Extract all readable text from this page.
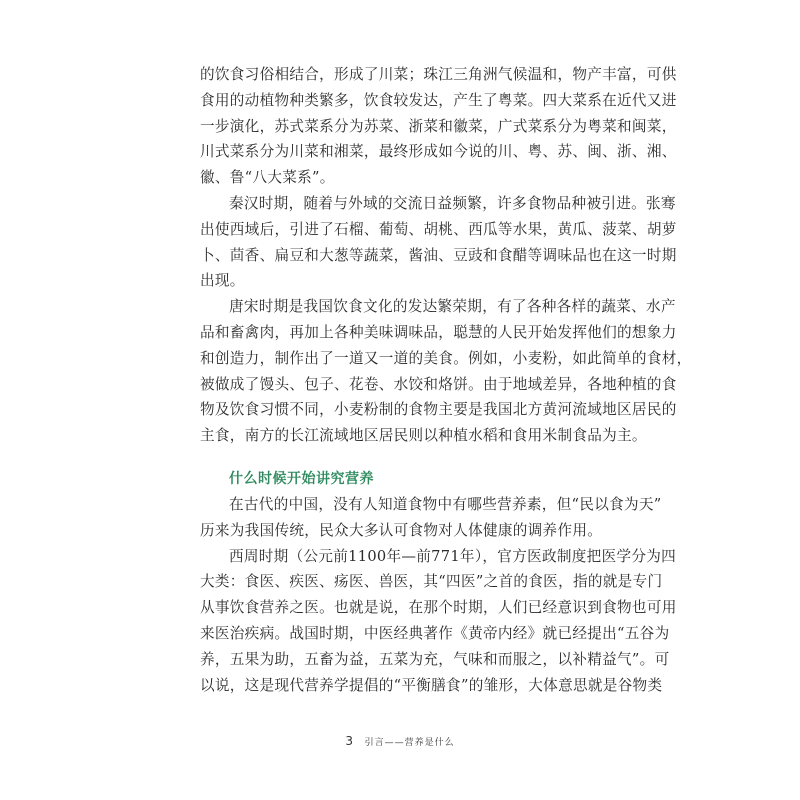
的饮食习俗相结合，形成了川菜；珠江三角洲气候温和，物产丰富，可供
食用的动植物种类繁多，饮食较发达，产生了粤菜。四大菜系在近代又进
一步演化，苏式菜系分为苏菜、浙菜和徽菜，广式菜系分为粤菜和闽菜，
川式菜系分为川菜和湘菜，最终形成如今说的川、粤、苏、闽、浙、湘、
徽、鲁“八大菜系”。
秦汉时期，随着与外域的交流日益频繁，许多食物品种被引进。张骞
出使西域后，引进了石榴、葡萄、胡桃、西瓜等水果，黄瓜、菠菜、胡萝
卜、茴香、扁豆和大葱等蔬菜，酱油、豆豉和食醋等调味品也在这一时期
出现。
唐宋时期是我国饮食文化的发达繁荣期，有了各种各样的蔬菜、水产
品和畜禽肉，再加上各种美味调味品，聪慧的人民开始发挥他们的想象力
和创造力，制作出了一道又一道的美食。例如，小麦粉，如此简单的食材，
被做成了馒头、包子、花卷、水饺和烙饼。由于地域差异，各地种植的食
物及饮食习惯不同，小麦粉制的食物主要是我国北方黄河流域地区居民的
主食，南方的长江流域地区居民则以种植水稻和食用米制食品为主。
什么时候开始讲究营养
在古代的中国，没有人知道食物中有哪些营养素，但“民以食为天”
历来为我国传统，民众大多认可食物对人体健康的调养作用。
西周时期（公元前1100年—前771年），官方医政制度把医学分为四
大类：食医、疾医、疡医、兽医，其“四医”之首的食医，指的就是专门
从事饮食营养之医。也就是说，在那个时期，人们已经意识到食物也可用
来医治疾病。战国时期，中医经典著作《黄帝内经》就已经提出“五谷为
养，五果为助，五畜为益，五菜为充，气味和而服之，以补精益气”。可
以说，这是现代营养学提倡的“平衡膳食”的雏形，大体意思就是谷物类
3 引言——营养是什么
